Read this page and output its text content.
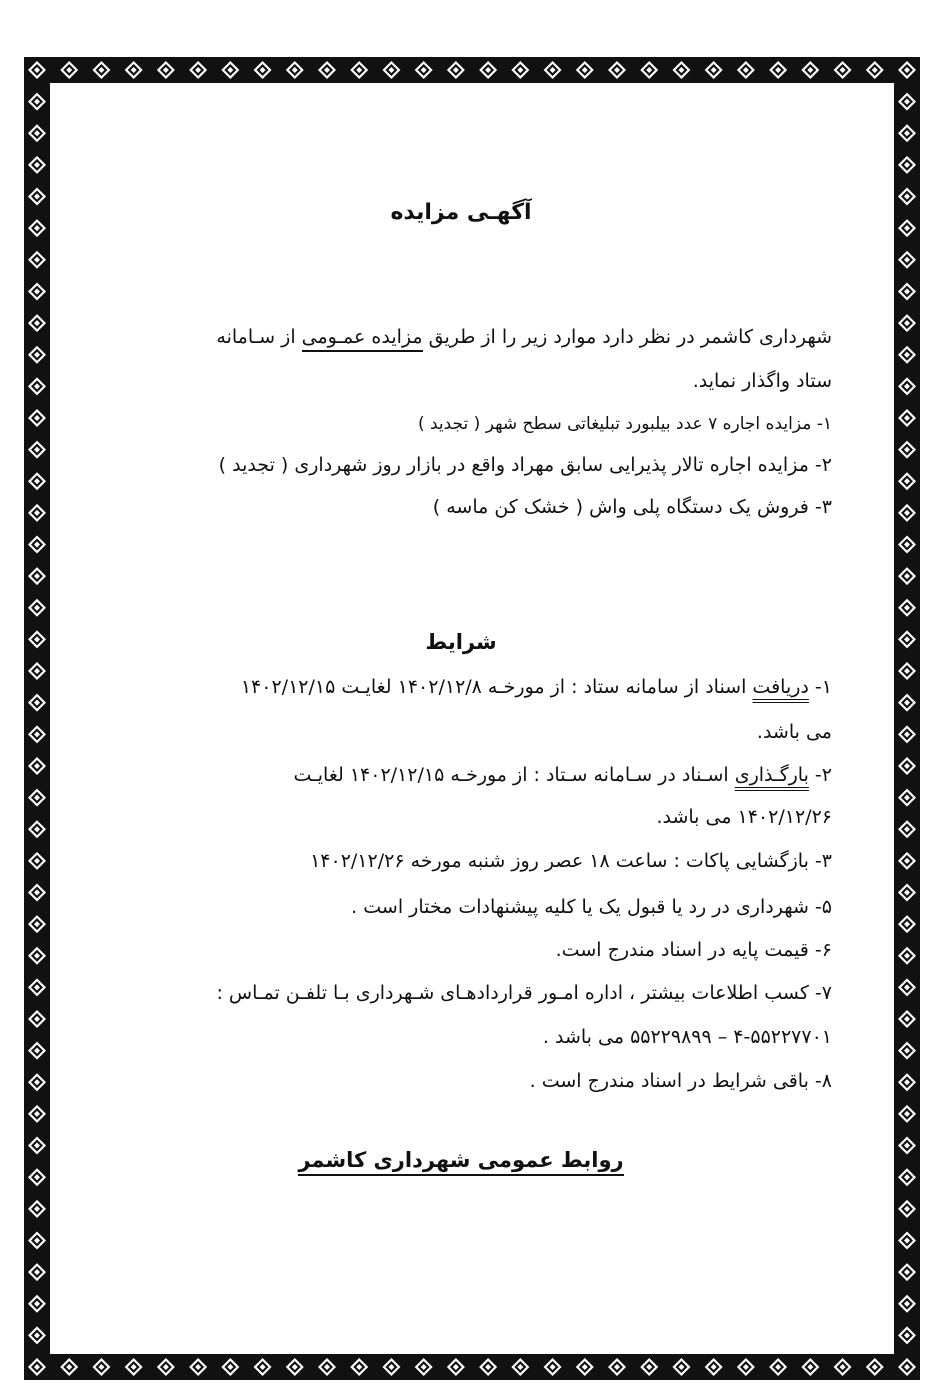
آگهـی مزایده
شهرداری کاشمر در نظر دارد موارد زیر را از طریق مزایده عمـومی از سـامانه
ستاد واگذار نماید.
۱- مزایده اجاره ۷ عدد بیلبورد تبلیغاتی سطح شهر ( تجدید )
۲- مزایده اجاره تالار پذیرایی سابق مهراد واقع در بازار روز شهرداری ( تجدید )
۳- فروش یک دستگاه پلی واش ( خشک کن ماسه )
شرایط
۱- دریافت اسناد از سامانه ستاد : از مورخـه ۱۴۰۲/۱۲/۸ لغایـت ۱۴۰۲/۱۲/۱۵
می باشد.
۲- بارگـذاری اسـناد در سـامانه سـتاد : از مورخـه ۱۴۰۲/۱۲/۱۵ لغایـت
۱۴۰۲/۱۲/۲۶ می باشد.
۳- بازگشایی پاکات : ساعت ۱۸ عصر روز شنبه مورخه ۱۴۰۲/۱۲/۲۶
۵- شهرداری در رد یا قبول یک یا کلیه پیشنهادات مختار است .
۶- قیمت پایه در اسناد مندرج است.
۷- کسب اطلاعات بیشتر ، اداره امـور قراردادهـای شـهرداری بـا تلفـن تمـاس :
۴-۵۵۲۲۷۷۰۱ – ۵۵۲۲۹۸۹۹ می باشد .
۸- باقی شرایط در اسناد مندرج است .
روابط عمومی شهرداری کاشمر
